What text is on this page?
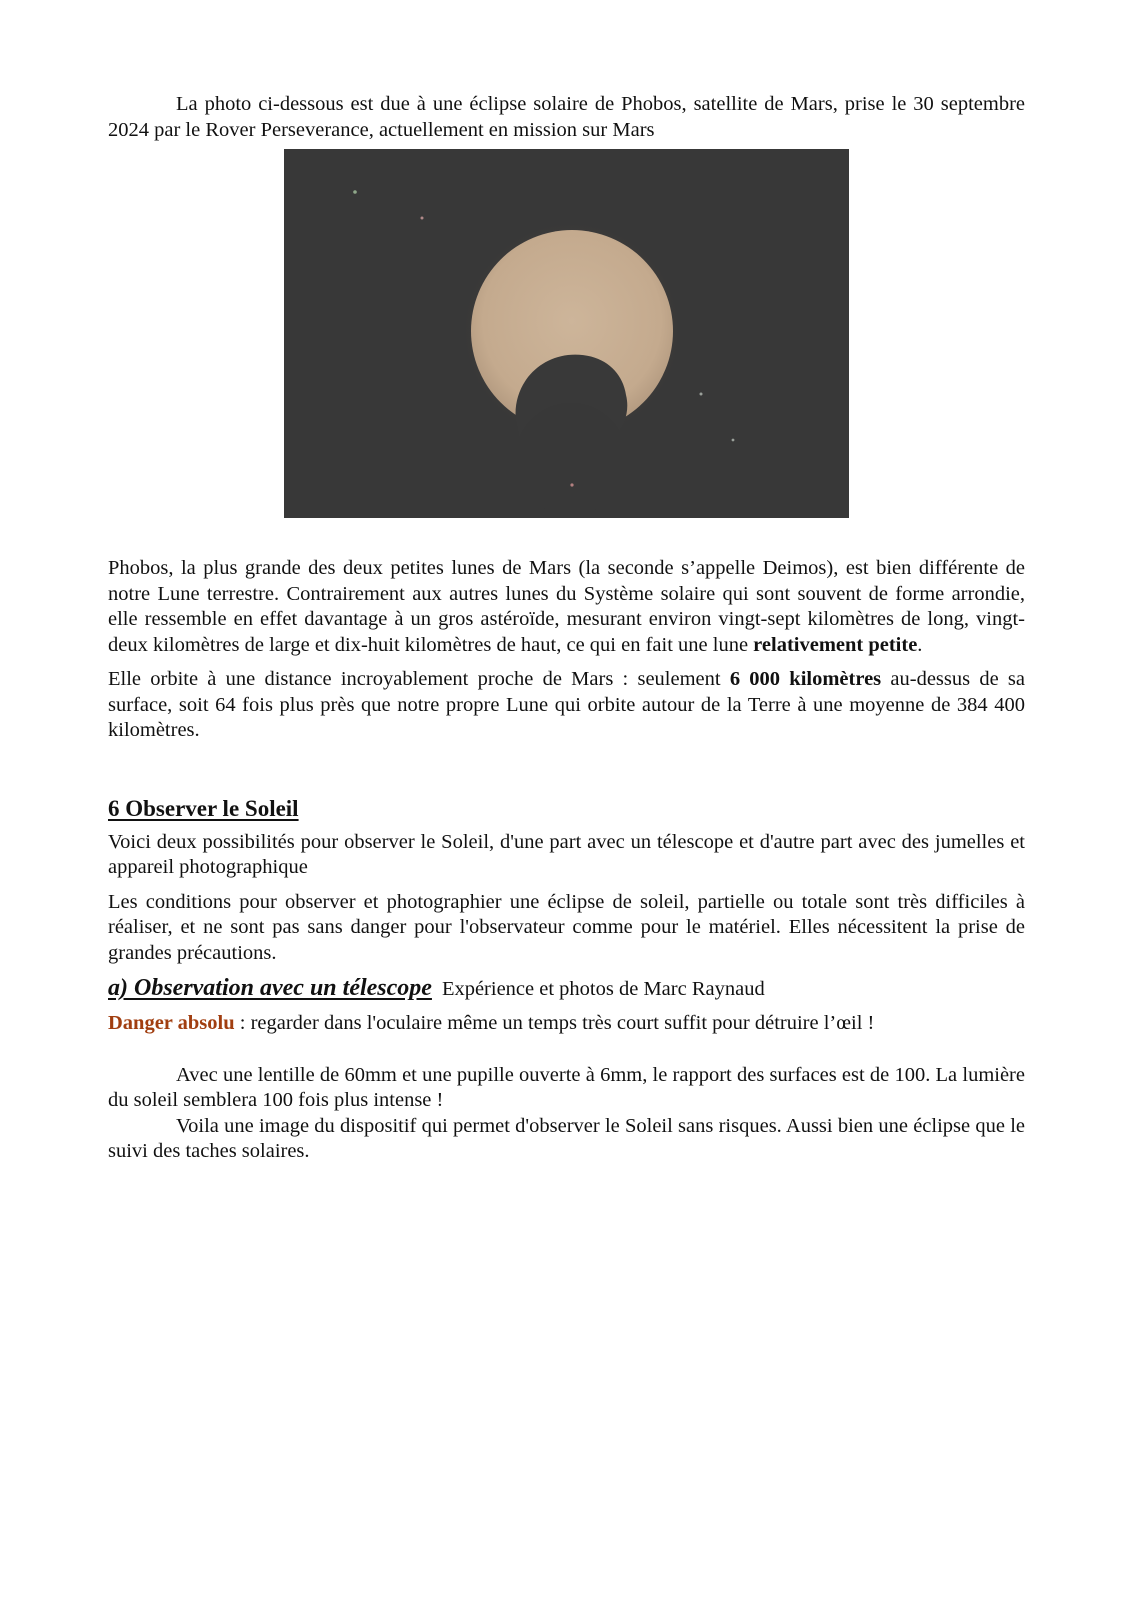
La photo ci-dessous est due à une éclipse solaire de Phobos, satellite de Mars, prise le 30 septembre 2024 par le Rover Perseverance, actuellement en mission sur Mars

Phobos, la plus grande des deux petites lunes de Mars (la seconde s’appelle Deimos), est bien différente de notre Lune terrestre. Contrairement aux autres lunes du Système solaire qui sont souvent de forme arrondie, elle ressemble en effet davantage à un gros astéroïde, mesurant environ vingt-sept kilomètres de long, vingt-deux kilomètres de large et dix-huit kilomètres de haut, ce qui en fait une lune relativement petite.

Elle orbite à une distance incroyablement proche de Mars : seulement 6 000 kilomètres au-dessus de sa surface, soit 64 fois plus près que notre propre Lune qui orbite autour de la Terre à une moyenne de 384 400 kilomètres.

6 Observer le Soleil

Voici deux possibilités pour observer le Soleil, d'une part avec un télescope et d'autre part avec des jumelles et appareil photographique

Les conditions pour observer et photographier une éclipse de soleil, partielle ou totale sont très difficiles à réaliser, et ne sont pas sans danger pour l'observateur comme pour le matériel. Elles nécessitent la prise de grandes précautions.

a) Observation avec un télescope Expérience et photos de Marc Raynaud

Danger absolu : regarder dans l'oculaire même un temps très court suffit pour détruire l’œil !

Avec une lentille de 60mm et une pupille ouverte à 6mm, le rapport des surfaces est de 100. La lumière du soleil semblera 100 fois plus intense !

Voila une image du dispositif qui permet d'observer le Soleil sans risques. Aussi bien une éclipse que le suivi des taches solaires.
